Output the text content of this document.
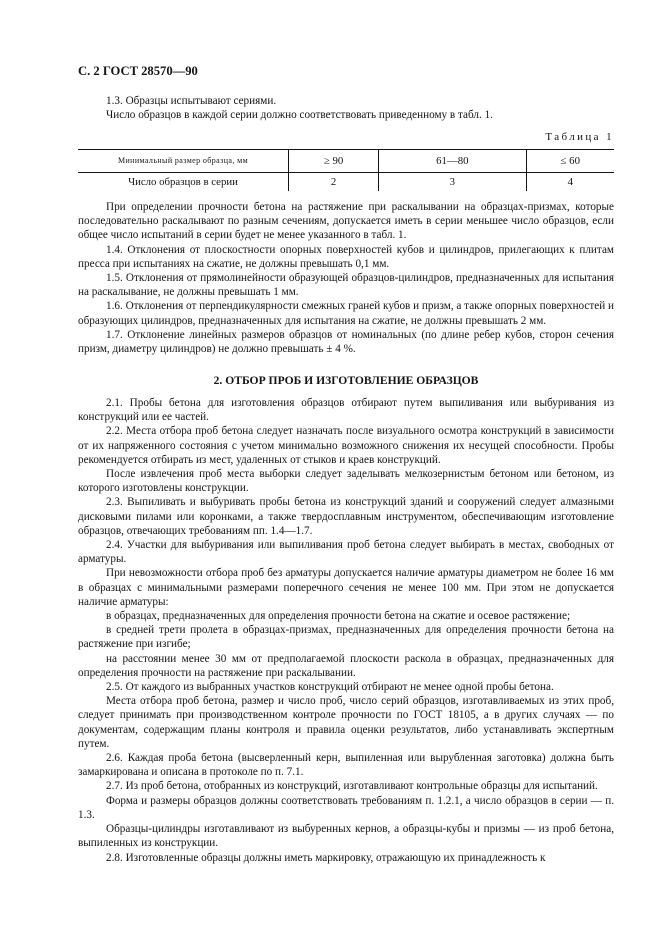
С. 2 ГОСТ 28570—90
1.3. Образцы испытывают сериями.
Число образцов в каждой серии должно соответствовать приведенному в табл. 1.
Таблица 1
Минимальный размер образца, мм	≥ 90	61—80	≤ 60
Число образцов в серии	2	3	4
При определении прочности бетона на растяжение при раскалывании на образцах-призмах, которые последовательно раскалывают по разным сечениям, допускается иметь в серии меньшее число образцов, если общее число испытаний в серии будет не менее указанного в табл. 1.
1.4. Отклонения от плоскостности опорных поверхностей кубов и цилиндров, прилегающих к плитам пресса при испытаниях на сжатие, не должны превышать 0,1 мм.
1.5. Отклонения от прямолинейности образующей образцов-цилиндров, предназначенных для испытания на раскалывание, не должны превышать 1 мм.
1.6. Отклонения от перпендикулярности смежных граней кубов и призм, а также опорных поверхностей и образующих цилиндров, предназначенных для испытания на сжатие, не должны превышать 2 мм.
1.7. Отклонение линейных размеров образцов от номинальных (по длине ребер кубов, сторон сечения призм, диаметру цилиндров) не должно превышать ± 4 %.
2. ОТБОР ПРОБ И ИЗГОТОВЛЕНИЕ ОБРАЗЦОВ
2.1. Пробы бетона для изготовления образцов отбирают путем выпиливания или выбуривания из конструкций или ее частей.
2.2. Места отбора проб бетона следует назначать после визуального осмотра конструкций в зависимости от их напряженного состояния с учетом минимально возможного снижения их несущей способности. Пробы рекомендуется отбирать из мест, удаленных от стыков и краев конструкций.
После извлечения проб места выборки следует заделывать мелкозернистым бетоном или бетоном, из которого изготовлены конструкции.
2.3. Выпиливать и выбуривать пробы бетона из конструкций зданий и сооружений следует алмазными дисковыми пилами или коронками, а также твердосплавным инструментом, обеспечивающим изготовление образцов, отвечающих требованиям пп. 1.4—1.7.
2.4. Участки для выбуривания или выпиливания проб бетона следует выбирать в местах, свободных от арматуры.
При невозможности отбора проб без арматуры допускается наличие арматуры диаметром не более 16 мм в образцах с минимальными размерами поперечного сечения не менее 100 мм. При этом не допускается наличие арматуры:
в образцах, предназначенных для определения прочности бетона на сжатие и осевое растяжение;
в средней трети пролета в образцах-призмах, предназначенных для определения прочности бетона на растяжение при изгибе;
на расстоянии менее 30 мм от предполагаемой плоскости раскола в образцах, предназначенных для определения прочности на растяжение при раскалывании.
2.5. От каждого из выбранных участков конструкций отбирают не менее одной пробы бетона.
Места отбора проб бетона, размер и число проб, число серий образцов, изготавливаемых из этих проб, следует принимать при производственном контроле прочности по ГОСТ 18105, а в других случаях — по документам, содержащим планы контроля и правила оценки результатов, либо устанавливать экспертным путем.
2.6. Каждая проба бетона (высверленный керн, выпиленная или вырубленная заготовка) должна быть замаркирована и описана в протоколе по п. 7.1.
2.7. Из проб бетона, отобранных из конструкций, изготавливают контрольные образцы для испытаний.
Форма и размеры образцов должны соответствовать требованиям п. 1.2.1, а число образцов в серии — п. 1.3.
Образцы-цилиндры изготавливают из выбуренных кернов, а образцы-кубы и призмы — из проб бетона, выпиленных из конструкции.
2.8. Изготовленные образцы должны иметь маркировку, отражающую их принадлежность к
